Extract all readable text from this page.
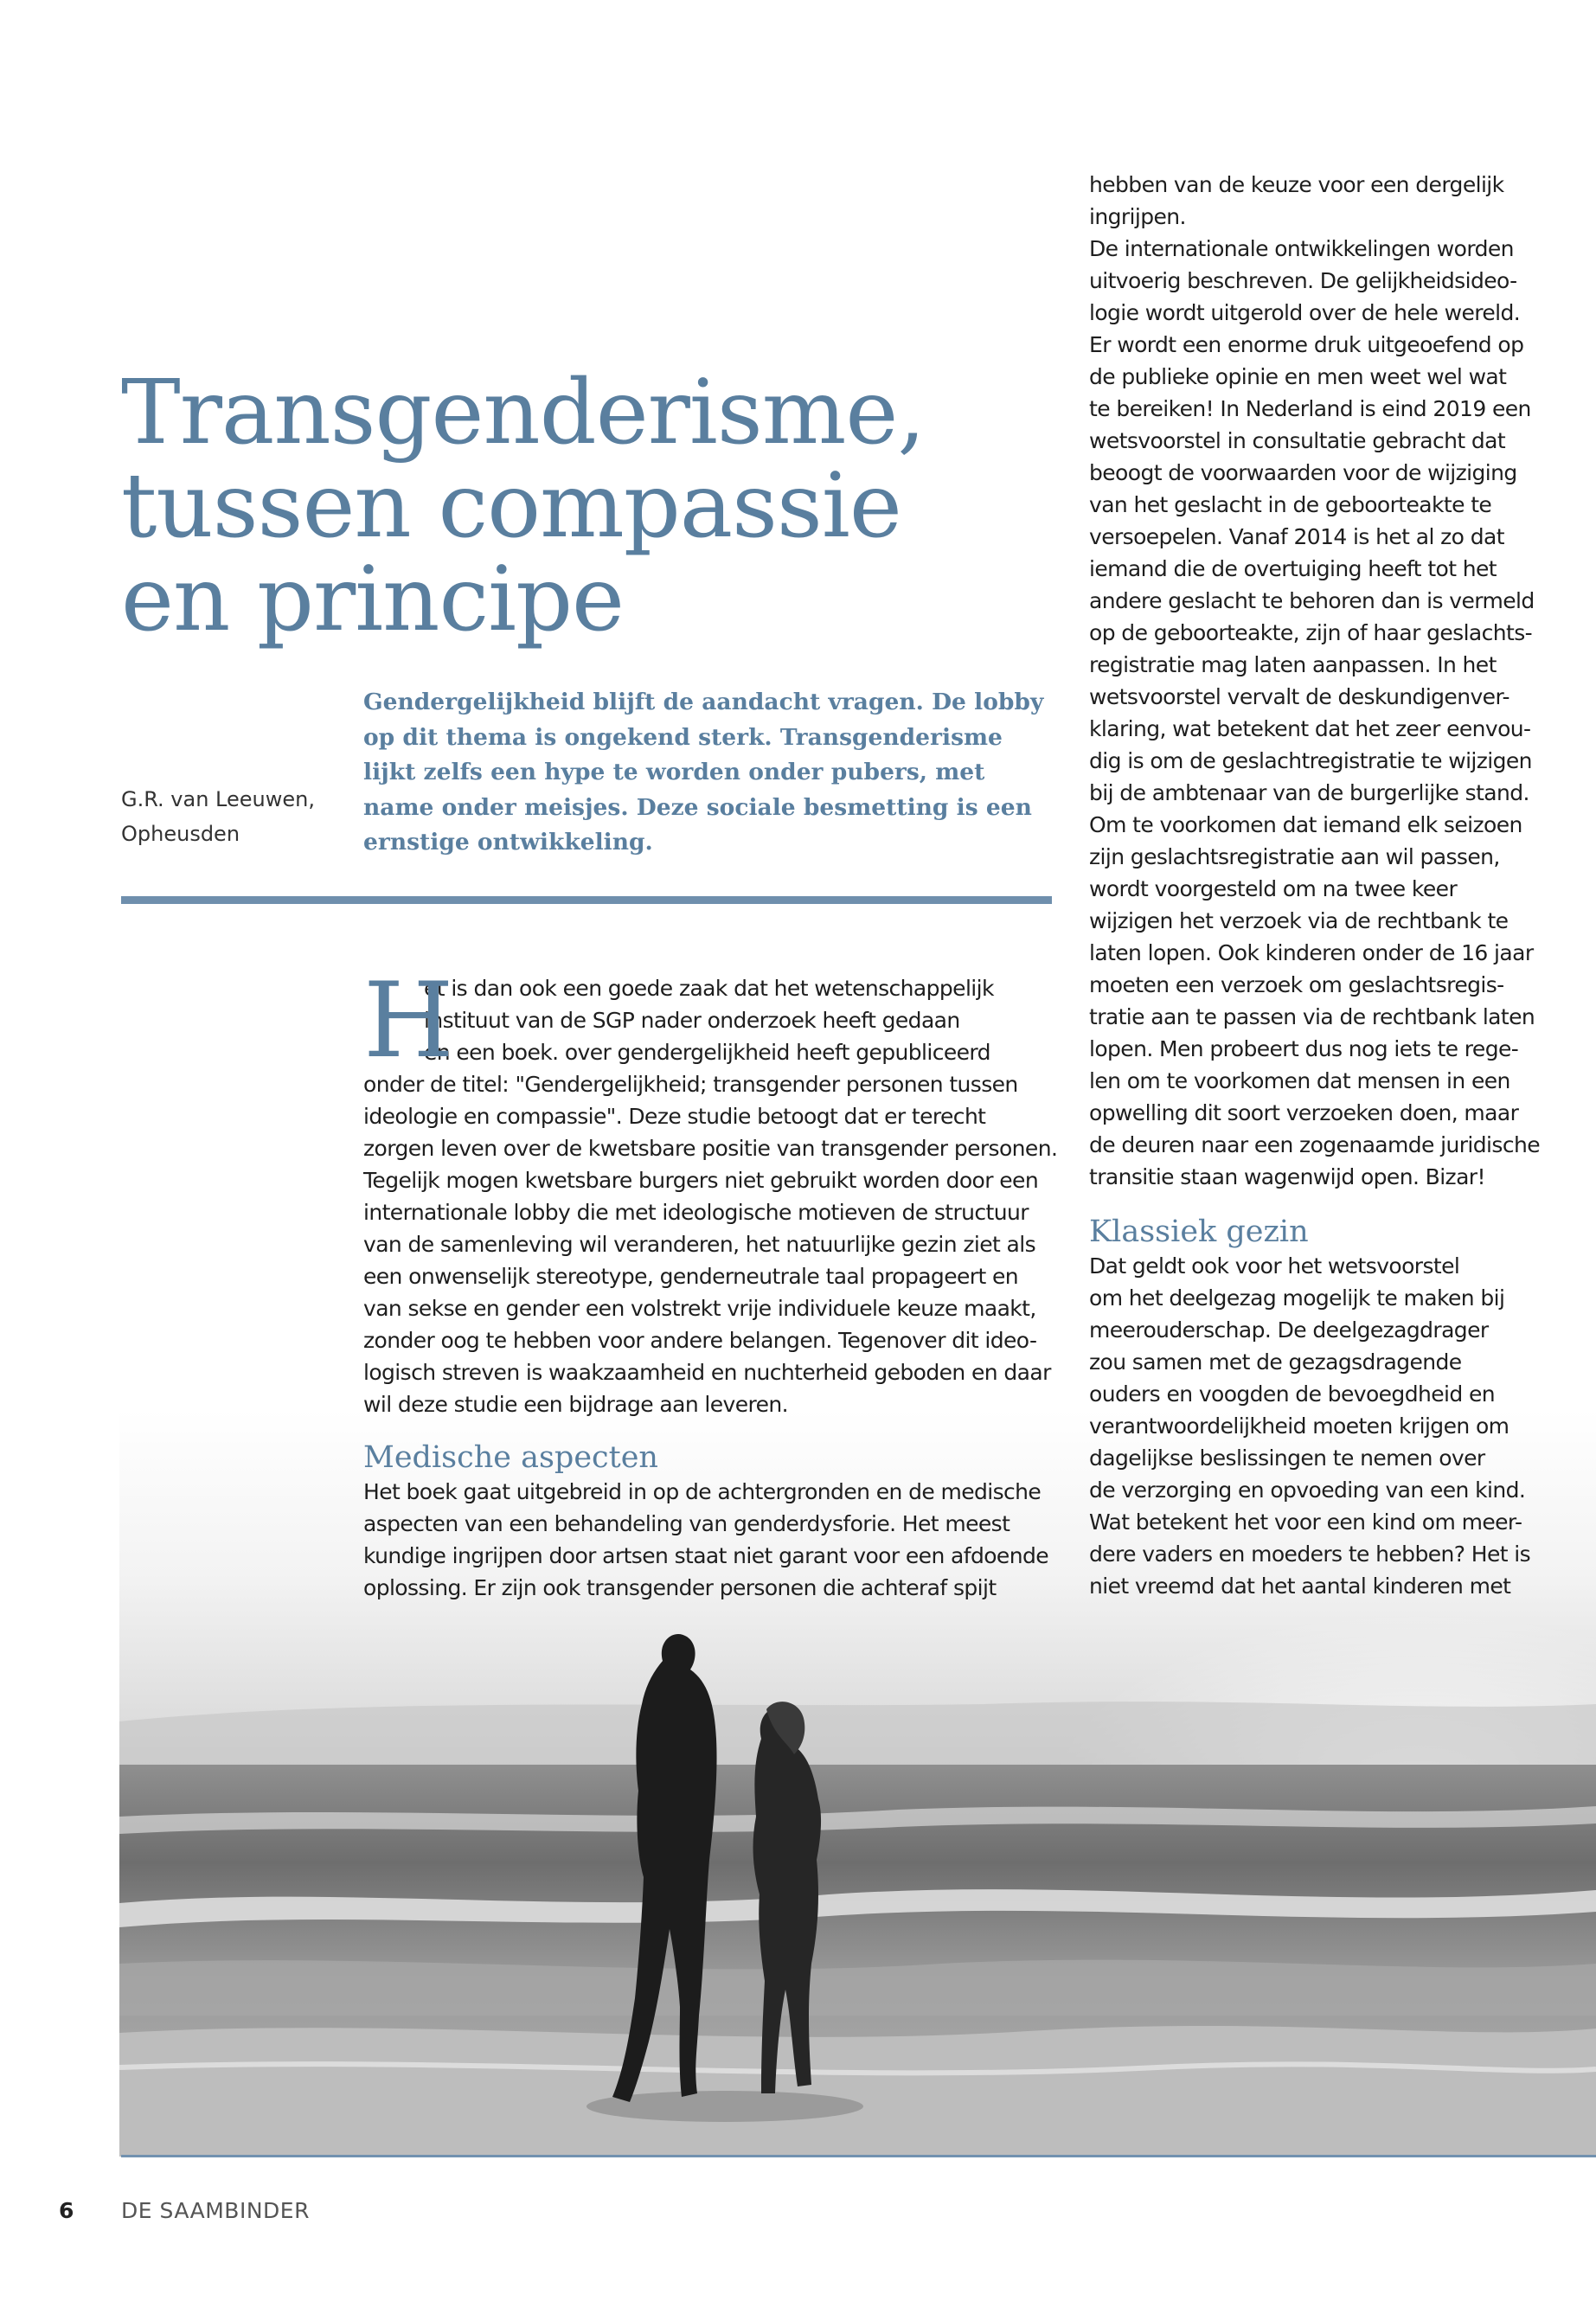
Transgenderisme,
tussen compassie
en principe
G.R. van Leeuwen,
Opheusden
Gendergelijkheid blijft de aandacht vragen. De lobby
op dit thema is ongekend sterk. Transgenderisme
lijkt zelfs een hype te worden onder pubers, met
name onder meisjes. Deze sociale besmetting is een
ernstige ontwikkeling.
H
et is dan ook een goede zaak dat het wetenschappelijk
instituut van de SGP nader onderzoek heeft gedaan
en een boek. over gendergelijkheid heeft gepubliceerd
onder de titel: "Gendergelijkheid; transgender personen tussen
ideologie en compassie". Deze studie betoogt dat er terecht
zorgen leven over de kwetsbare positie van transgender personen.
Tegelijk mogen kwetsbare burgers niet gebruikt worden door een
internationale lobby die met ideologische motieven de structuur
van de samenleving wil veranderen, het natuurlijke gezin ziet als
een onwenselijk stereotype, genderneutrale taal propageert en
van sekse en gender een volstrekt vrije individuele keuze maakt,
zonder oog te hebben voor andere belangen. Tegenover dit ideo-
logisch streven is waakzaamheid en nuchterheid geboden en daar
wil deze studie een bijdrage aan leveren.
Medische aspecten
Het boek gaat uitgebreid in op de achtergronden en de medische
aspecten van een behandeling van genderdysforie. Het meest
kundige ingrijpen door artsen staat niet garant voor een afdoende
oplossing. Er zijn ook transgender personen die achteraf spijt
hebben van de keuze voor een dergelijk
ingrijpen.
De internationale ontwikkelingen worden
uitvoerig beschreven. De gelijkheidsideo-
logie wordt uitgerold over de hele wereld.
Er wordt een enorme druk uitgeoefend op
de publieke opinie en men weet wel wat
te bereiken! In Nederland is eind 2019 een
wetsvoorstel in consultatie gebracht dat
beoogt de voorwaarden voor de wijziging
van het geslacht in de geboorteakte te
versoepelen. Vanaf 2014 is het al zo dat
iemand die de overtuiging heeft tot het
andere geslacht te behoren dan is vermeld
op de geboorteakte, zijn of haar geslachts-
registratie mag laten aanpassen. In het
wetsvoorstel vervalt de deskundigenver-
klaring, wat betekent dat het zeer eenvou-
dig is om de geslachtregistratie te wijzigen
bij de ambtenaar van de burgerlijke stand.
Om te voorkomen dat iemand elk seizoen
zijn geslachtsregistratie aan wil passen,
wordt voorgesteld om na twee keer
wijzigen het verzoek via de rechtbank te
laten lopen. Ook kinderen onder de 16 jaar
moeten een verzoek om geslachtsregis-
tratie aan te passen via de rechtbank laten
lopen. Men probeert dus nog iets te rege-
len om te voorkomen dat mensen in een
opwelling dit soort verzoeken doen, maar
de deuren naar een zogenaamde juridische
transitie staan wagenwijd open. Bizar!
Klassiek gezin
Dat geldt ook voor het wetsvoorstel
om het deelgezag mogelijk te maken bij
meerouderschap. De deelgezagdrager
zou samen met de gezagsdragende
ouders en voogden de bevoegdheid en
verantwoordelijkheid moeten krijgen om
dagelijkse beslissingen te nemen over
de verzorging en opvoeding van een kind.
Wat betekent het voor een kind om meer-
dere vaders en moeders te hebben? Het is
niet vreemd dat het aantal kinderen met
6 DE SAAMBINDER
